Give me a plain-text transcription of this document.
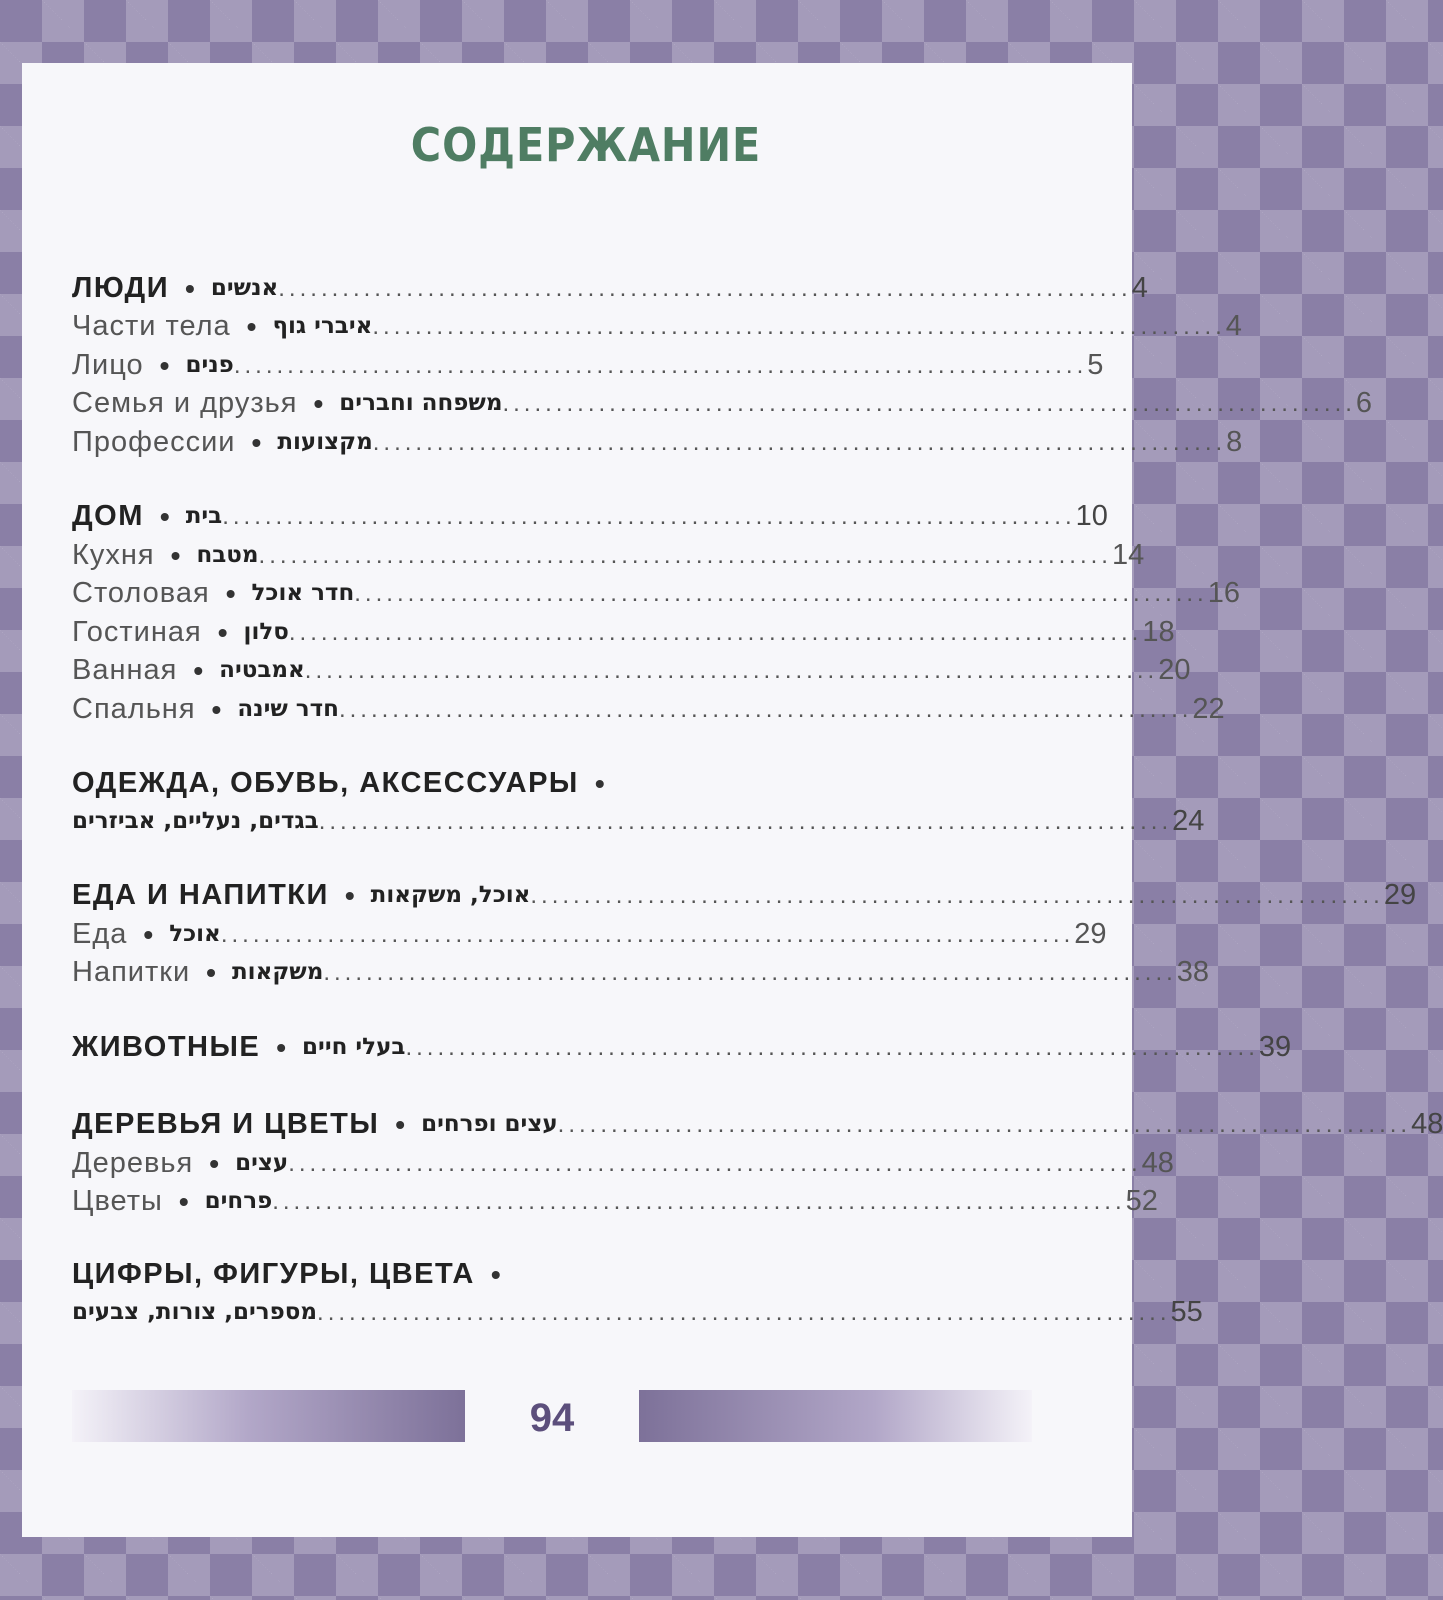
СОДЕРЖАНИЕ
ЛЮДИ • אנשים ................................................................................ 4
Части тела • איברי גוף ................................................................................ 4
Лицо • פנים ................................................................................ 5
Семья и друзья • משפחה וחברים ................................................................................ 6
Профессии • מקצועות ................................................................................ 8
ДОМ • בית ................................................................................ 10
Кухня • מטבח ................................................................................ 14
Столовая • חדר אוכל ................................................................................ 16
Гостиная • סלון ................................................................................ 18
Ванная • אמבטיה ................................................................................ 20
Спальня • חדר שינה ................................................................................ 22
ОДЕЖДА, ОБУВЬ, АКСЕССУАРЫ •
בגדים, נעליים, אביזרים ................................................................................ 24
ЕДА И НАПИТКИ • אוכל, משקאות ................................................................................ 29
Еда • אוכל ................................................................................ 29
Напитки • משקאות ................................................................................ 38
ЖИВОТНЫЕ • בעלי חיים ................................................................................ 39
ДЕРЕВЬЯ И ЦВЕТЫ • עצים ופרחים ................................................................................ 48
Деревья • עצים ................................................................................ 48
Цветы • פרחים ................................................................................ 52
ЦИФРЫ, ФИГУРЫ, ЦВЕТА •
מספרים, צורות, צבעים ................................................................................ 55
94
